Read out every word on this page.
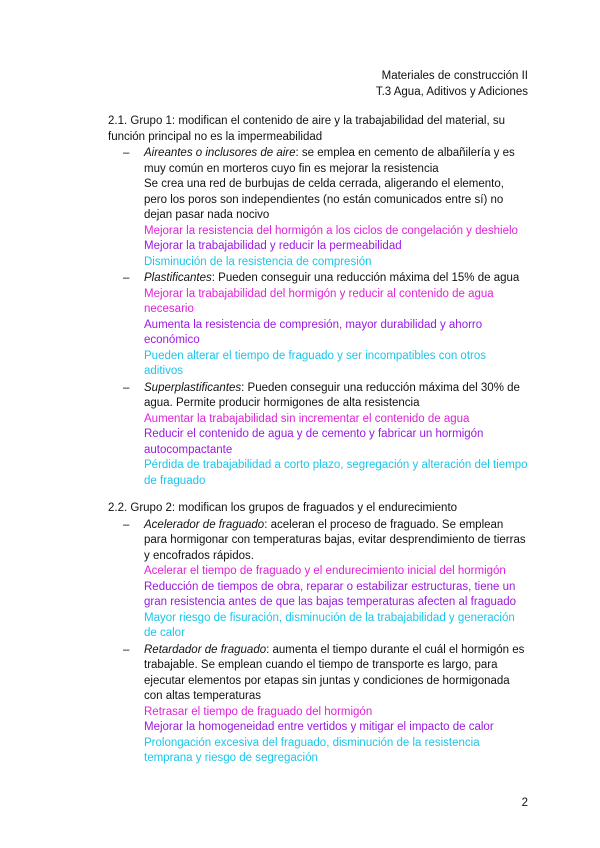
Materiales de construcción II
T.3 Agua, Aditivos y Adiciones

2.1. Grupo 1: modifican el contenido de aire y la trabajabilidad del material, su función principal no es la impermeabilidad

– Aireantes o inclusores de aire: se emplea en cemento de albañilería y es muy común en morteros cuyo fin es mejorar la resistencia

Se crea una red de burbujas de celda cerrada, aligerando el elemento, pero los poros son independientes (no están comunicados entre sí) no dejan pasar nada nocivo

Mejorar la resistencia del hormigón a los ciclos de congelación y deshielo

Mejorar la trabajabilidad y reducir la permeabilidad

Disminución de la resistencia de compresión

– Plastificantes: Pueden conseguir una reducción máxima del 15% de agua

Mejorar la trabajabilidad del hormigón y reducir al contenido de agua necesario

Aumenta la resistencia de compresión, mayor durabilidad y ahorro económico

Pueden alterar el tiempo de fraguado y ser incompatibles con otros aditivos

– Superplastificantes: Pueden conseguir una reducción máxima del 30% de agua. Permite producir hormigones de alta resistencia

Aumentar la trabajabilidad sin incrementar el contenido de agua

Reducir el contenido de agua y de cemento y fabricar un hormigón autocompactante

Pérdida de trabajabilidad a corto plazo, segregación y alteración del tiempo de fraguado

2.2. Grupo 2: modifican los grupos de fraguados y el endurecimiento

– Acelerador de fraguado: aceleran el proceso de fraguado. Se emplean para hormigonar con temperaturas bajas, evitar desprendimiento de tierras y encofrados rápidos.

Acelerar el tiempo de fraguado y el endurecimiento inicial del hormigón

Reducción de tiempos de obra, reparar o estabilizar estructuras, tiene un gran resistencia antes de que las bajas temperaturas afecten al fraguado

Mayor riesgo de fisuración, disminución de la trabajabilidad y generación de calor

– Retardador de fraguado: aumenta el tiempo durante el cuál el hormigón es trabajable. Se emplean cuando el tiempo de transporte es largo, para ejecutar elementos por etapas sin juntas y condiciones de hormigonada con altas temperaturas

Retrasar el tiempo de fraguado del hormigón

Mejorar la homogeneidad entre vertidos y mitigar el impacto de calor

Prolongación excesiva del fraguado, disminución de la resistencia temprana y riesgo de segregación

2
